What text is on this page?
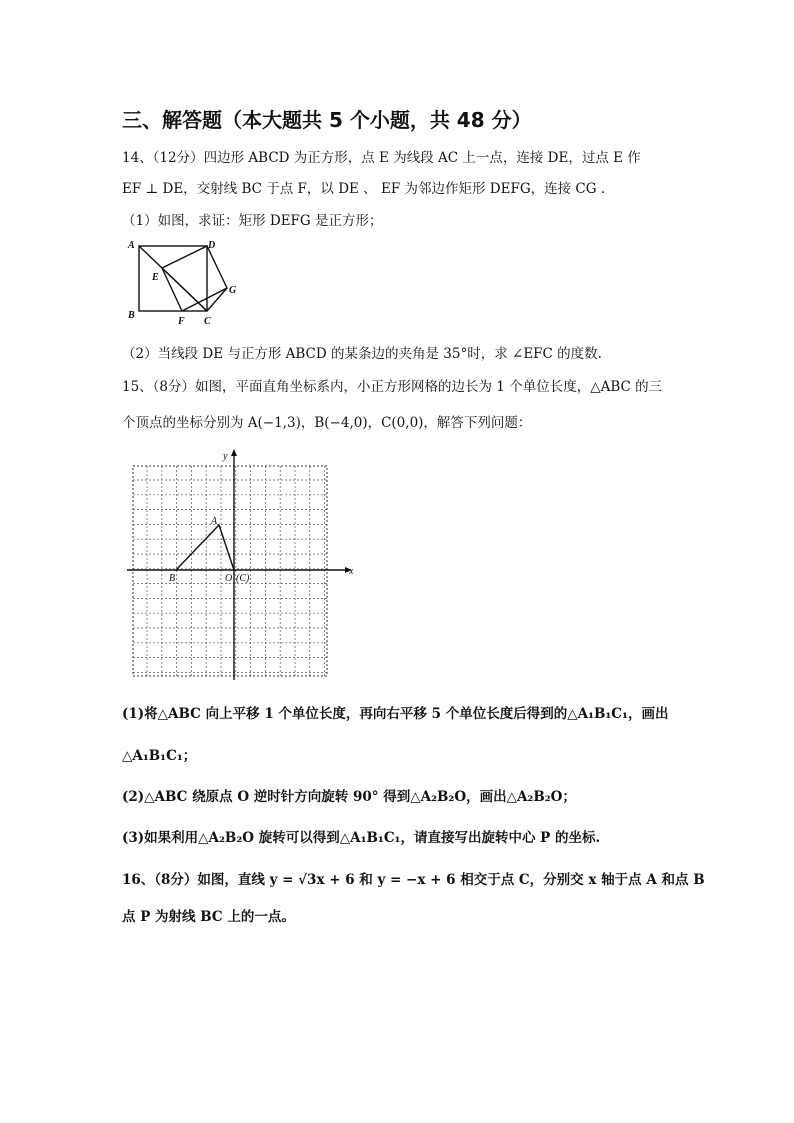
三、解答题（本大题共 5 个小题，共 48 分）
14、（12分）四边形 ABCD 为正方形，点 E 为线段 AC 上一点，连接 DE，过点 E 作
EF ⊥ DE，交射线 BC 于点 F，以 DE 、 EF 为邻边作矩形 DEFG，连接 CG .
（1）如图，求证：矩形 DEFG 是正方形；
A	D
E
G
B
F C
（2）当线段 DE 与正方形 ABCD 的某条边的夹角是 35°时，求 ∠EFC 的度数.
15、（8分）如图，平面直角坐标系内，小正方形网格的边长为 1 个单位长度，△ABC 的三
个顶点的坐标分别为 A(−1,3)，B(−4,0)，C(0,0)，解答下列问题：
y
x
A
B	O (C)
(1)将△ABC 向上平移 1 个单位长度，再向右平移 5 个单位长度后得到的△A₁B₁C₁，画出
△A₁B₁C₁；
(2)△ABC 绕原点 O 逆时针方向旋转 90° 得到△A₂B₂O，画出△A₂B₂O；
(3)如果利用△A₂B₂O 旋转可以得到△A₁B₁C₁，请直接写出旋转中心 P 的坐标.
16、（8分）如图，直线 y = √3x + 6 和 y = −x + 6 相交于点 C，分别交 x 轴于点 A 和点 B
点 P 为射线 BC 上的一点。
